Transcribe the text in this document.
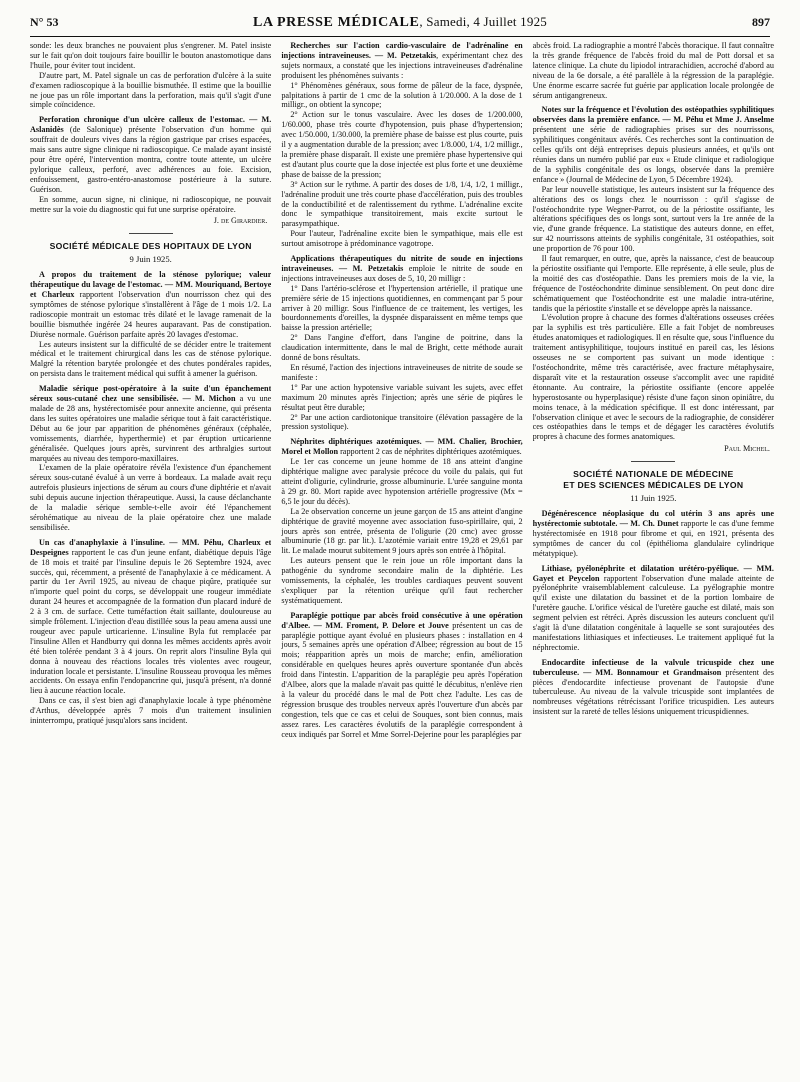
N° 53	LA PRESSE MÉDICALE, Samedi, 4 Juillet 1925	897

sonde: les deux branches ne pouvaient plus s'engrener. M. Patel insiste sur le fait qu'on doit toujours faire bouillir le bouton anastomotique dans l'huile, pour éviter tout incident.

D'autre part, M. Patel signale un cas de perforation d'ulcère à la suite d'examen radioscopique à la bouillie bismuthée. Il estime que la bouillie ne joue pas un rôle important dans la perforation, mais qu'il s'agit d'une simple coïncidence.

Perforation chronique d'un ulcère calleux de l'estomac. — M. Aslanidès (de Salonique) présente l'observation d'un homme qui souffrait de douleurs vives dans la région gastrique par crises espacées, mais sans autre signe clinique ni radioscopique. Ce malade ayant insisté pour être opéré, l'intervention montra, contre toute attente, un ulcère pylorique calleux, perforé, avec adhérences au foie. Excision, enfouissement, gastro-entéro-anastomose postérieure à la suture. Guérison.

En somme, aucun signe, ni clinique, ni radioscopique, ne pouvait mettre sur la voie du diagnostic qui fut une surprise opératoire.

J. de Girardier.
SOCIÉTÉ MÉDICALE DES HOPITAUX DE LYON
9 Juin 1925.

A propos du traitement de la sténose pylorique; valeur thérapeutique du lavage de l'estomac. — MM. Mouriquand, Bertoye et Charleux rapportent l'observation d'un nourrisson chez qui des symptômes de sténose pylorique s'installèrent à l'âge de 1 mois 1/2. La radioscopie montrait un estomac très dilaté et le lavage ramenait de la bouillie bismuthée ingérée 24 heures auparavant. Pas de constipation. Diurèse normale. Guérison parfaite après 20 lavages d'estomac.

Les auteurs insistent sur la difficulté de se décider entre le traitement médical et le traitement chirurgical dans les cas de sténose pylorique. Malgré la rétention barytée prolongée et des chutes pondérales rapides, on persista dans le traitement médical qui suffit à amener la guérison.

Maladie sérique post-opératoire à la suite d'un épanchement séreux sous-cutané chez une sensibilisée. — M. Michon a vu une malade de 28 ans, hystérectomisée pour annexite ancienne, qui présenta dans les suites opératoires une maladie sérique tout à fait caractéristique. Début au 6e jour par apparition de phénomènes généraux (céphalée, vomissements, diarrhée, hyperthermie) et par éruption urticarienne généralisée. Quelques jours après, survinrent des arthralgies surtout marquées au niveau des temporo-maxillaires.

L'examen de la plaie opératoire révéla l'existence d'un épanchement séreux sous-cutané évalué à un verre à bordeaux. La malade avait reçu autrefois plusieurs injections de sérum au cours d'une diphtérie et n'avait subi depuis aucune injection thérapeutique. Aussi, la cause déclanchante de la maladie sérique semble-t-elle avoir été l'épanchement sérohématique au niveau de la plaie opératoire chez une malade sensibilisée.

Un cas d'anaphylaxie à l'insuline. — MM. Péhu, Charleux et Despeignes rapportent le cas d'un jeune enfant, diabétique depuis l'âge de 18 mois et traité par l'insuline depuis le 26 Septembre 1924, avec succès, qui, récemment, a présenté de l'anaphylaxie à ce médicament. A partir du 1er Avril 1925, au niveau de chaque piqûre, pratiquée sur n'importe quel point du corps, se développait une rougeur immédiate durant 24 heures et accompagnée de la formation d'un placard induré de 2 à 3 cm. de surface. Cette tuméfaction était saillante, douloureuse au simple frôlement. L'injection d'eau distillée sous la peau amena aussi une rougeur avec papule urticarienne. L'insuline Byla fut remplacée par l'insuline Allen et Handburry qui donna les mêmes accidents après avoir été bien tolérée pendant 3 à 4 jours. On reprit alors l'insuline Byla qui donna à nouveau des réactions locales très violentes avec rougeur, induration locale et persistante. L'insuline Rousseau provoqua les mêmes accidents. On essaya enfin l'endopancrine qui, jusqu'à présent, n'a donné lieu à aucune réaction locale.

Dans ce cas, il s'est bien agi d'anaphylaxie locale à type phénomène d'Arthus, développée après 7 mois d'un traitement insulinien ininterrompu, pratiqué jusqu'alors sans incident.

Recherches sur l'action cardio-vasculaire de l'adrénaline en injections intraveineuses. — M. Petzetakis, expérimentant chez des sujets normaux, a constaté que les injections intraveineuses d'adrénaline produisent les phénomènes suivants :

1° Phénomènes généraux, sous forme de pâleur de la face, dyspnée, palpitations à partir de 1 cmc de la solution à 1/20.000. A la dose de 1 milligr., on obtient la syncope;

2° Action sur le tonus vasculaire. Avec les doses de 1/200.000, 1/60.000, phase très courte d'hypotension, puis phase d'hypertension; avec 1/50.000, 1/30.000, la première phase de baisse est plus courte, puis il y a augmentation durable de la pression; avec 1/8.000, 1/4, 1/2 milligr., la première phase disparaît. Il existe une première phase hypertensive qui est d'autant plus courte que la dose injectée est plus forte et une deuxième phase de baisse de la pression;

3° Action sur le rythme. A partir des doses de 1/8, 1/4, 1/2, 1 milligr., l'adrénaline produit une très courte phase d'accélération, puis des troubles de la conductibilité et de ralentissement du rythme. L'adrénaline excite donc le sympathique transitoirement, mais excite surtout le parasympathique.

Pour l'auteur, l'adrénaline excite bien le sympathique, mais elle est surtout amisotrope à prédominance vagotrope.

Applications thérapeutiques du nitrite de soude en injections intraveineuses. — M. Petzetakis emploie le nitrite de soude en injections intraveineuses aux doses de 5, 10, 20 milligr :

1° Dans l'artério-sclérose et l'hypertension artérielle, il pratique une première série de 15 injections quotidiennes, en commençant par 5 pour arriver à 20 milligr. Sous l'influence de ce traitement, les vertiges, les bourdonnements d'oreilles, la dyspnée disparaissent en même temps que baisse la pression artérielle;

2° Dans l'angine d'effort, dans l'angine de poitrine, dans la claudication intermittente, dans le mal de Bright, cette méthode aurait donné de bons résultats.

En résumé, l'action des injections intraveineuses de nitrite de soude se manifeste :

1° Par une action hypotensive variable suivant les sujets, avec effet maximum 20 minutes après l'injection; après une série de piqûres le résultat peut être durable;

2° Par une action cardiotonique transitoire (élévation passagère de la pression systolique).

Néphrites diphtériques azotémiques. — MM. Chalier, Brochier, Morel et Mollon rapportent 2 cas de néphrites diphtériques azotémiques.

Le 1er cas concerne un jeune homme de 18 ans atteint d'angine diphtérique maligne avec paralysie précoce du voile du palais, qui fut atteint d'oligurie, cylindrurie, grosse albuminurie. L'urée sanguine monta à 29 gr. 80. Mort rapide avec hypotension artérielle progressive (Mx = 6,5 le jour du décès).

La 2e observation concerne un jeune garçon de 15 ans atteint d'angine diphtérique de gravité moyenne avec association fuso-spirillaire, qui, 2 jours après son entrée, présenta de l'oligurie (20 cmc) avec grosse albuminurie (18 gr. par lit.). L'azotémie variait entre 19,28 et 29,61 par lit. Le malade mourut subitement 9 jours après son entrée à l'hôpital.

Les auteurs pensent que le rein joue un rôle important dans la pathogénie du syndrome secondaire malin de la diphtérie. Les vomissements, la céphalée, les troubles cardiaques peuvent souvent s'expliquer par la rétention uréique qu'il faut rechercher systématiquement.

Paraplégie pottique par abcès froid consécutive à une opération d'Albee. — MM. Froment, P. Delore et Jouve présentent un cas de paraplégie pottique ayant évolué en plusieurs phases : installation en 4 jours, 5 semaines après une opération d'Albee; régression au bout de 15 mois; réapparition après un mois de marche; enfin, amélioration considérable en quelques heures après ouverture spontanée d'un abcès froid dans l'intestin. L'apparition de la paraplégie peu après l'opération d'Albee, alors que la malade n'avait pas quitté le décubitus, n'enlève rien à la valeur du procédé dans le mal de Pott chez l'adulte. Les cas de régression brusque des troubles nerveux après l'ouverture d'un abcès par congestion, tels que ce cas et celui de Souques, sont bien connus, mais assez rares. Les caractères évolutifs de la paraplégie correspondent à ceux indiqués par Sorrel et Mme Sorrel-Dejerine pour les paraplégies par

abcès froid. La radiographie a montré l'abcès thoracique. Il faut connaître la très grande fréquence de l'abcès froid du mal de Pott dorsal et sa latence clinique. La chute du lipiodol intrarachidien, accroché d'abord au niveau de la 6e dorsale, a été parallèle à la régression de la paraplégie. Une énorme escarre sacrée fut guérie par application locale prolongée de sérum antigangreneux.

Notes sur la fréquence et l'évolution des ostéopathies syphilitiques observées dans la première enfance. — M. Péhu et Mme J. Anselme présentent une série de radiographies prises sur des nourrissons, syphilitiques congénitaux avérés. Ces recherches sont la continuation de celles qu'ils ont déjà entreprises depuis plusieurs années, et qu'ils ont réunies dans un numéro publié par eux « Etude clinique et radiologique de la syphilis congénitale des os longs, observée dans la première enfance » (Journal de Médecine de Lyon, 5 Décembre 1924).

Par leur nouvelle statistique, les auteurs insistent sur la fréquence des altérations des os longs chez le nourrisson : qu'il s'agisse de l'ostéochondrite type Wegner-Parrot, ou de la périostite ossifiante, les altérations spécifiques des os longs sont, surtout vers la 1re année de la vie, d'une grande fréquence. La statistique des auteurs donne, en effet, sur 42 nourrissons atteints de syphilis congénitale, 31 ostéopathies, soit une proportion de 76 pour 100.

Il faut remarquer, en outre, que, après la naissance, c'est de beaucoup la périostite ossifiante qui l'emporte. Elle représente, à elle seule, plus de la moitié des cas d'ostéopathie. Dans les premiers mois de la vie, la fréquence de l'ostéochondrite diminue sensiblement. On peut donc dire schématiquement que l'ostéochondrite est une maladie intra-utérine, tandis que la périostite s'installe et se développe après la naissance.

L'évolution propre à chacune des formes d'altérations osseuses créées par la syphilis est très particulière. Elle a fait l'objet de nombreuses études anatomiques et radiologiques. Il en résulte que, sous l'influence du traitement antisyphilitique, toujours institué en pareil cas, les lésions osseuses ne se comportent pas suivant un mode identique : l'ostéochondrite, même très caractérisée, avec fracture métaphysaire, disparaît vite et la restauration osseuse s'accomplit avec une rapidité étonnante. Au contraire, la périostite ossifiante (encore appelée hyperostosante ou hyperplasique) résiste d'une façon sinon opiniâtre, du moins tenace, à la médication spécifique. Il est donc intéressant, par l'observation clinique et avec le secours de la radiographie, de considérer ces ostéopathies dans le temps et de dégager les caractères évolutifs propres à chacune des formes anatomiques.

Paul Michel.
SOCIÉTÉ NATIONALE DE MÉDECINE
ET DES SCIENCES MÉDICALES DE LYON
11 Juin 1925.

Dégénérescence néoplasique du col utérin 3 ans après une hystérectomie subtotale. — M. Ch. Dunet rapporte le cas d'une femme hystérectomisée en 1918 pour fibrome et qui, en 1921, présenta des symptômes de cancer du col (épithélioma glandulaire cylindrique métatypique).

Lithiase, pyélonéphrite et dilatation urétéro-pyélique. — MM. Gayet et Peycelon rapportent l'observation d'une malade atteinte de pyélonéphrite vraisemblablement calculeuse. La pyélographie montre qu'il existe une dilatation du bassinet et de la portion lombaire de l'uretère gauche. L'orifice vésical de l'uretère gauche est dilaté, mais son segment pelvien est rétréci. Après discussion les auteurs concluent qu'il s'agit là d'une dilatation congénitale à laquelle se sont surajoutées des manifestations lithiasiques et infectieuses. Le traitement appliqué fut la néphrectomie.

Endocardite infectieuse de la valvule tricuspide chez une tuberculeuse. — MM. Bonnamour et Grandmaison présentent des pièces d'endocardite infectieuse provenant de l'autopsie d'une tuberculeuse. Au niveau de la valvule tricuspide sont implantées de nombreuses végétations rétrécissant l'orifice tricuspidien. Les auteurs insistent sur la rareté de telles lésions uniquement tricuspidiennes.
